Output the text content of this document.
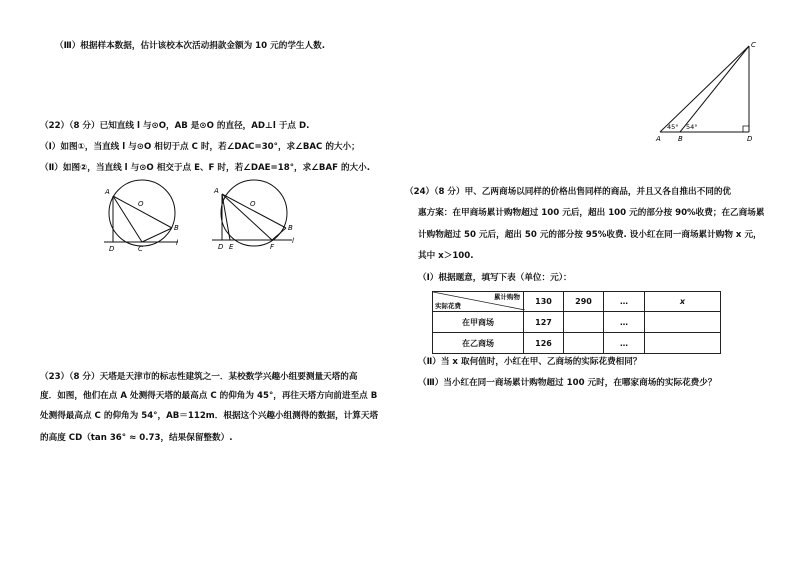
（Ⅲ）根据样本数据，估计该校本次活动捐款金额为 10 元的学生人数.
（22）（8 分）已知直线 l 与⊙O，AB 是⊙O 的直径，AD⊥l 于点 D.
（Ⅰ）如图①，当直线 l 与⊙O 相切于点 C 时，若∠DAC=30°，求∠BAC 的大小；
（Ⅱ）如图②，当直线 l 与⊙O 相交于点 E、F 时，若∠DAE=18°，求∠BAF 的大小.
A
O
B
D	C
l
A
O
B
D E	F
l
（23）（8 分）天塔是天津市的标志性建筑之一．某校数学兴趣小组要测量天塔的高
度．如图，他们在点 A 处测得天塔的最高点 C 的仰角为 45°，再往天塔方向前进至点 B
处测得最高点 C 的仰角为 54°，AB＝112m．根据这个兴趣小组测得的数据，计算天塔
的高度 CD（tan 36° ≈ 0.73，结果保留整数）.
C
A B	D
45° 54°
（24）（8 分）甲、乙两商场以同样的价格出售同样的商品，并且又各自推出不同的优
惠方案：在甲商场累计购物超过 100 元后，超出 100 元的部分按 90%收费；在乙商场累
计购物超过 50 元后，超出 50 元的部分按 95%收费. 设小红在同一商场累计购物 x 元，
其中 x＞100.
（Ⅰ）根据题意，填写下表（单位：元）：
累计购物
实际花费	130	290	…	x
在甲商场	127		…	
在乙商场	126		…	
（Ⅱ）当 x 取何值时，小红在甲、乙商场的实际花费相同？
（Ⅲ）当小红在同一商场累计购物超过 100 元时，在哪家商场的实际花费少？
